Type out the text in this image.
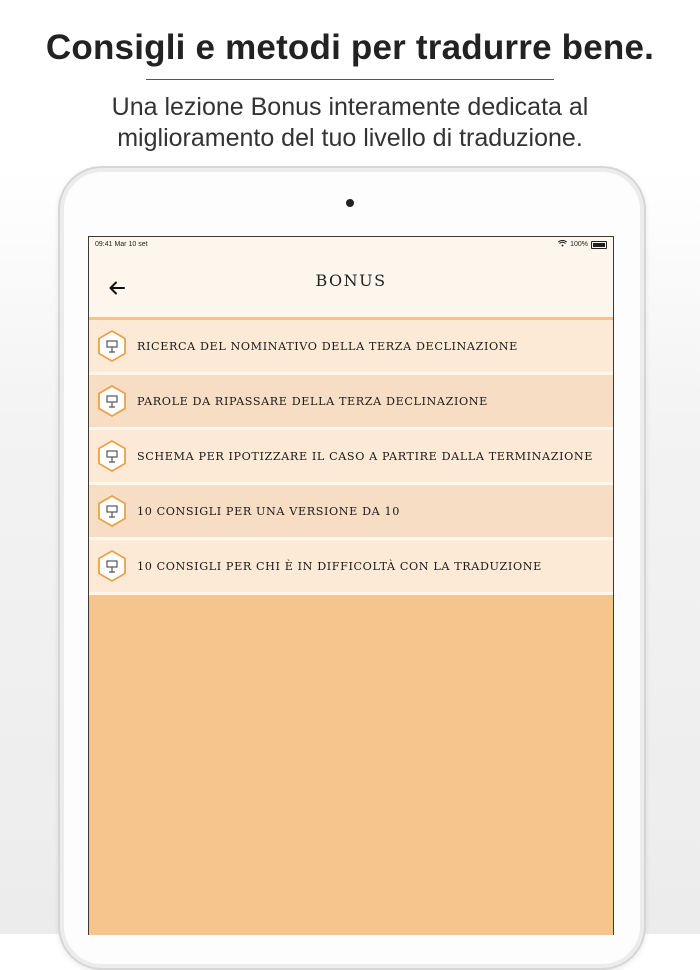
Consigli e metodi per tradurre bene.
Una lezione Bonus interamente dedicata al
miglioramento del tuo livello di traduzione.
09:41 Mar 10 set	100%
BONUS
RICERCA DEL NOMINATIVO DELLA TERZA DECLINAZIONE
PAROLE DA RIPASSARE DELLA TERZA DECLINAZIONE
SCHEMA PER IPOTIZZARE IL CASO A PARTIRE DALLA TERMINAZIONE
10 CONSIGLI PER UNA VERSIONE DA 10
10 CONSIGLI PER CHI È IN DIFFICOLTÀ CON LA TRADUZIONE
